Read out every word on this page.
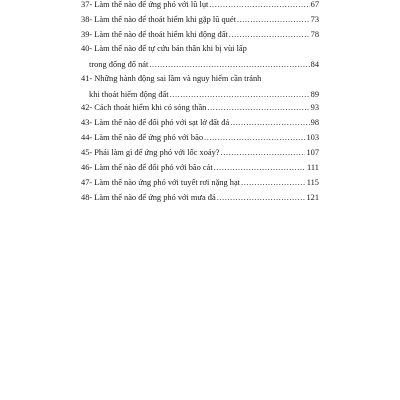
37- Làm thế nào để ứng phó với lũ lụt .....	67
38- Làm thế nào để thoát hiểm khi gặp lũ quét .....	73
39- Làm thế nào để thoát hiểm khi động đất .....	78
40- Làm thế nào để tự cứu bản thân khi bị vùi lấp
trong đống đổ nát .....	84
41- Những hành động sai lầm và nguy hiểm cần tránh
khi thoát hiểm động đất .....	89
42- Cách thoát hiểm khi có sóng thần .....	93
43- Làm thế nào để đối phó với sạt lở đất đá .....	98
44- Làm thế nào để ứng phó với bão .....	103
45- Phải làm gì để ứng phó với lốc xoáy? .....	107
46- Làm thế nào để đối phó với bão cát .....	111
47- Làm thế nào ứng phó với tuyết rơi nặng hạt .....	115
48- Làm thế nào để ứng phó với mưa đá .....	121
